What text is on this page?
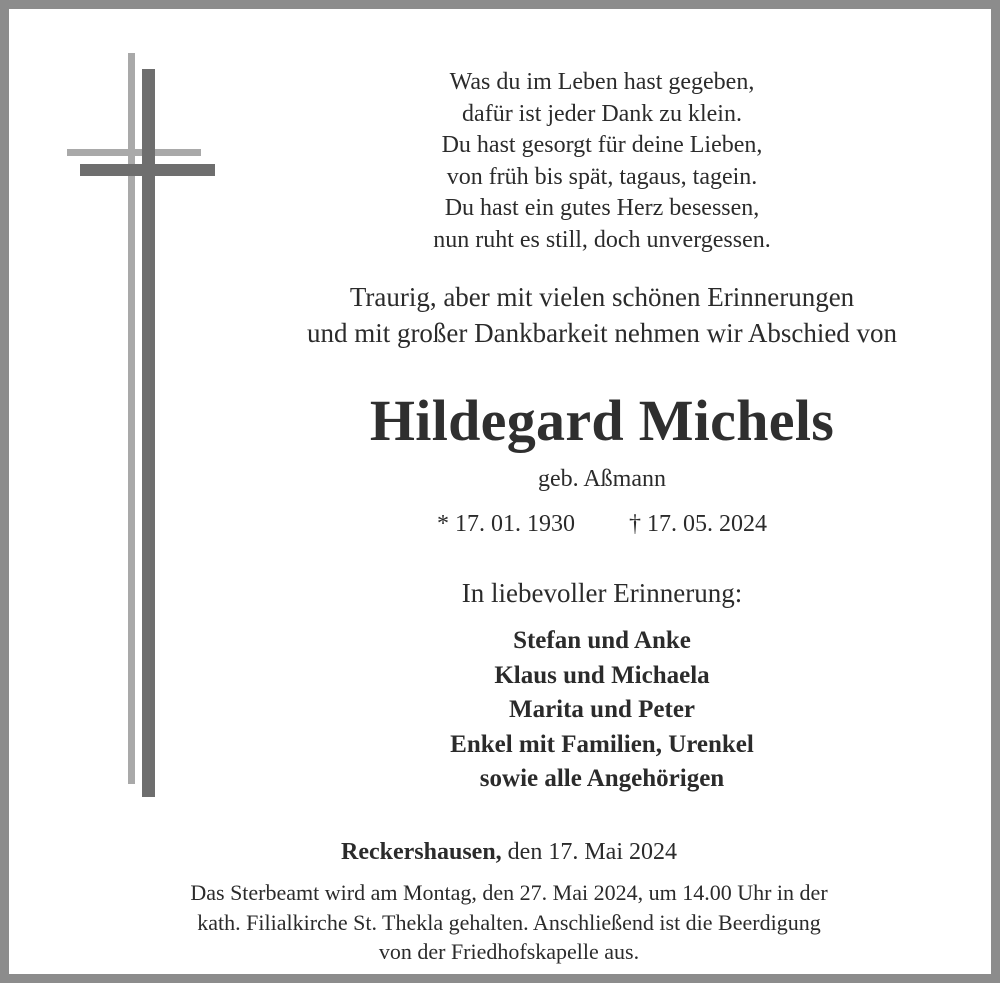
Was du im Leben hast gegeben,
dafür ist jeder Dank zu klein.
Du hast gesorgt für deine Lieben,
von früh bis spät, tagaus, tagein.
Du hast ein gutes Herz besessen,
nun ruht es still, doch unvergessen.
Traurig, aber mit vielen schönen Erinnerungen
und mit großer Dankbarkeit nehmen wir Abschied von
Hildegard Michels
geb. Aßmann
* 17. 01. 1930 † 17. 05. 2024
In liebevoller Erinnerung:
Stefan und Anke
Klaus und Michaela
Marita und Peter
Enkel mit Familien, Urenkel
sowie alle Angehörigen
Reckershausen, den 17. Mai 2024
Das Sterbeamt wird am Montag, den 27. Mai 2024, um 14.00 Uhr in der
kath. Filialkirche St. Thekla gehalten. Anschließend ist die Beerdigung
von der Friedhofskapelle aus.
